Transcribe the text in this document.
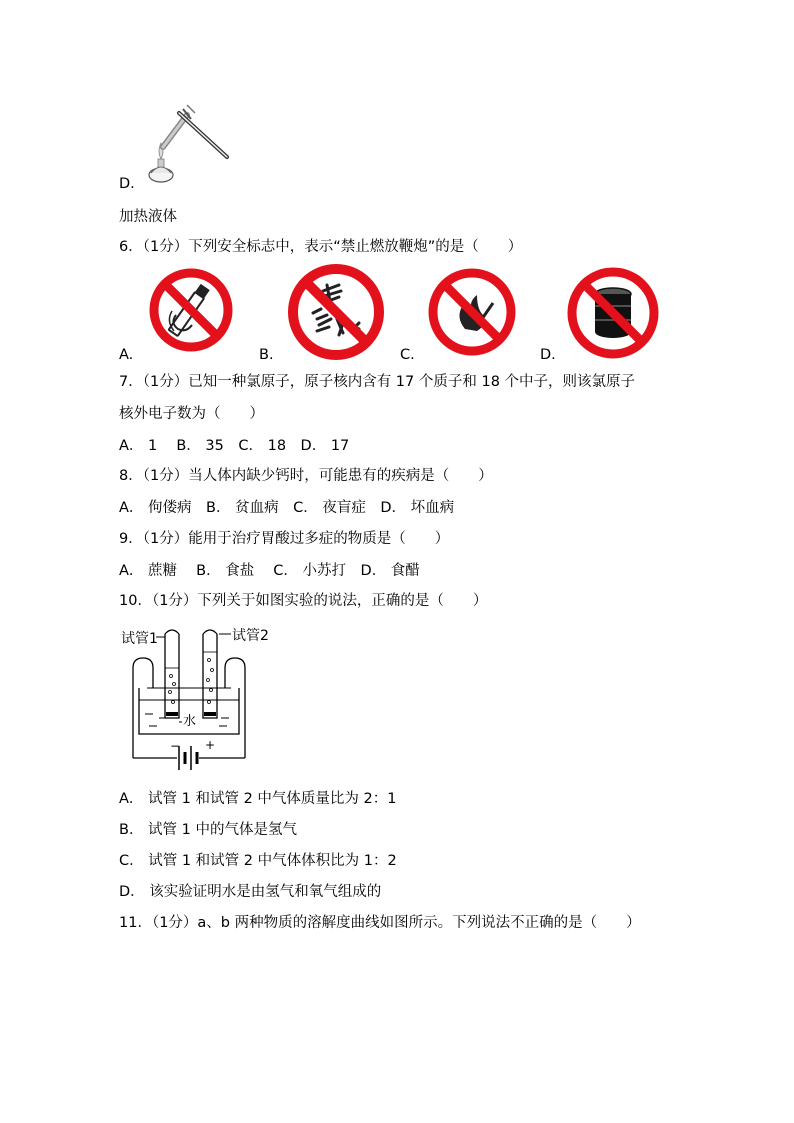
D.
加热液体
6．（1分）下列安全标志中，表示“禁止燃放鞭炮”的是（　　）
A.	B.	C.	D.
7．（1分）已知一种氯原子，原子核内含有 17 个质子和 18 个中子，则该氯原子
核外电子数为（　　）
A． 1　 B． 35　C． 18　D． 17
8．（1分）当人体内缺少钙时，可能患有的疾病是（　　）
A． 佝偻病　B． 贫血病　C． 夜盲症　D． 坏血病
9．（1分）能用于治疗胃酸过多症的物质是（　　）
A． 蔗糖　 B． 食盐　 C． 小苏打　D． 食醋
10．（1分）下列关于如图实验的说法，正确的是（　　）
试管1	试管2
水
− +
A． 试管 1 和试管 2 中气体质量比为 2：1
B． 试管 1 中的气体是氢气
C． 试管 1 和试管 2 中气体体积比为 1：2
D． 该实验证明水是由氢气和氧气组成的
11．（1分）a、b 两种物质的溶解度曲线如图所示。下列说法不正确的是（　　）
